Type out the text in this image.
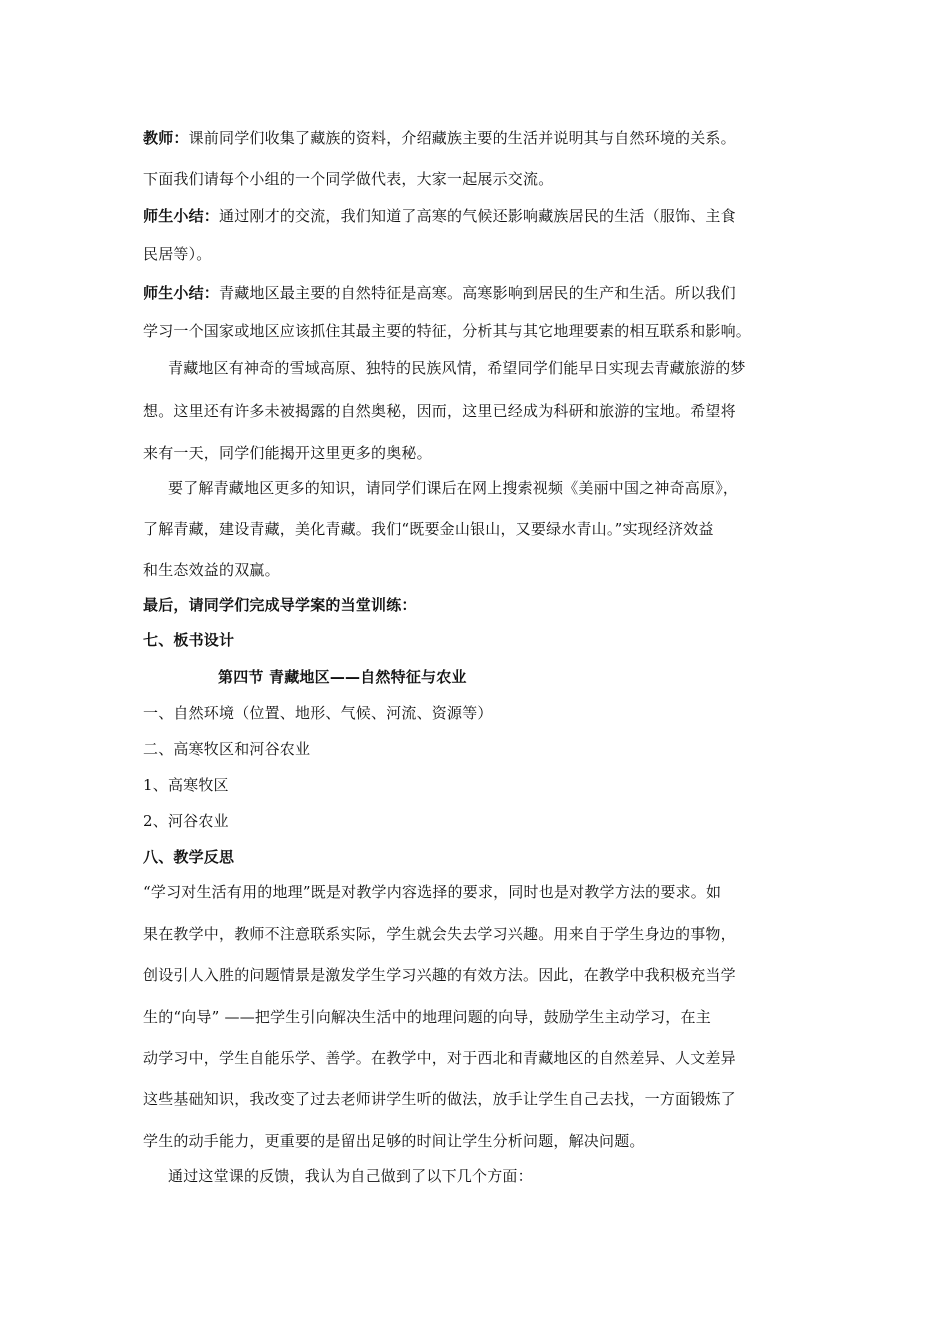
教师：课前同学们收集了藏族的资料，介绍藏族主要的生活并说明其与自然环境的关系。
下面我们请每个小组的一个同学做代表，大家一起展示交流。
师生小结：通过刚才的交流，我们知道了高寒的气候还影响藏族居民的生活（服饰、主食
民居等）。
师生小结：青藏地区最主要的自然特征是高寒。高寒影响到居民的生产和生活。所以我们
学习一个国家或地区应该抓住其最主要的特征，分析其与其它地理要素的相互联系和影响。
青藏地区有神奇的雪域高原、独特的民族风情，希望同学们能早日实现去青藏旅游的梦
想。这里还有许多未被揭露的自然奥秘，因而，这里已经成为科研和旅游的宝地。希望将
来有一天，同学们能揭开这里更多的奥秘。
要了解青藏地区更多的知识，请同学们课后在网上搜索视频《美丽中国之神奇高原》，
了解青藏，建设青藏，美化青藏。我们“既要金山银山，又要绿水青山。”实现经济效益
和生态效益的双赢。
最后，请同学们完成导学案的当堂训练：
七、板书设计
第四节 青藏地区——自然特征与农业
一、自然环境（位置、地形、气候、河流、资源等）
二、高寒牧区和河谷农业
1、高寒牧区
2、河谷农业
八、教学反思
“学习对生活有用的地理”既是对教学内容选择的要求，同时也是对教学方法的要求。如
果在教学中，教师不注意联系实际，学生就会失去学习兴趣。用来自于学生身边的事物，
创设引人入胜的问题情景是激发学生学习兴趣的有效方法。因此，在教学中我积极充当学
生的“向导” ——把学生引向解决生活中的地理问题的向导，鼓励学生主动学习，在主
动学习中，学生自能乐学、善学。在教学中，对于西北和青藏地区的自然差异、人文差异
这些基础知识，我改变了过去老师讲学生听的做法，放手让学生自己去找，一方面锻炼了
学生的动手能力，更重要的是留出足够的时间让学生分析问题，解决问题。
通过这堂课的反馈，我认为自己做到了以下几个方面：
